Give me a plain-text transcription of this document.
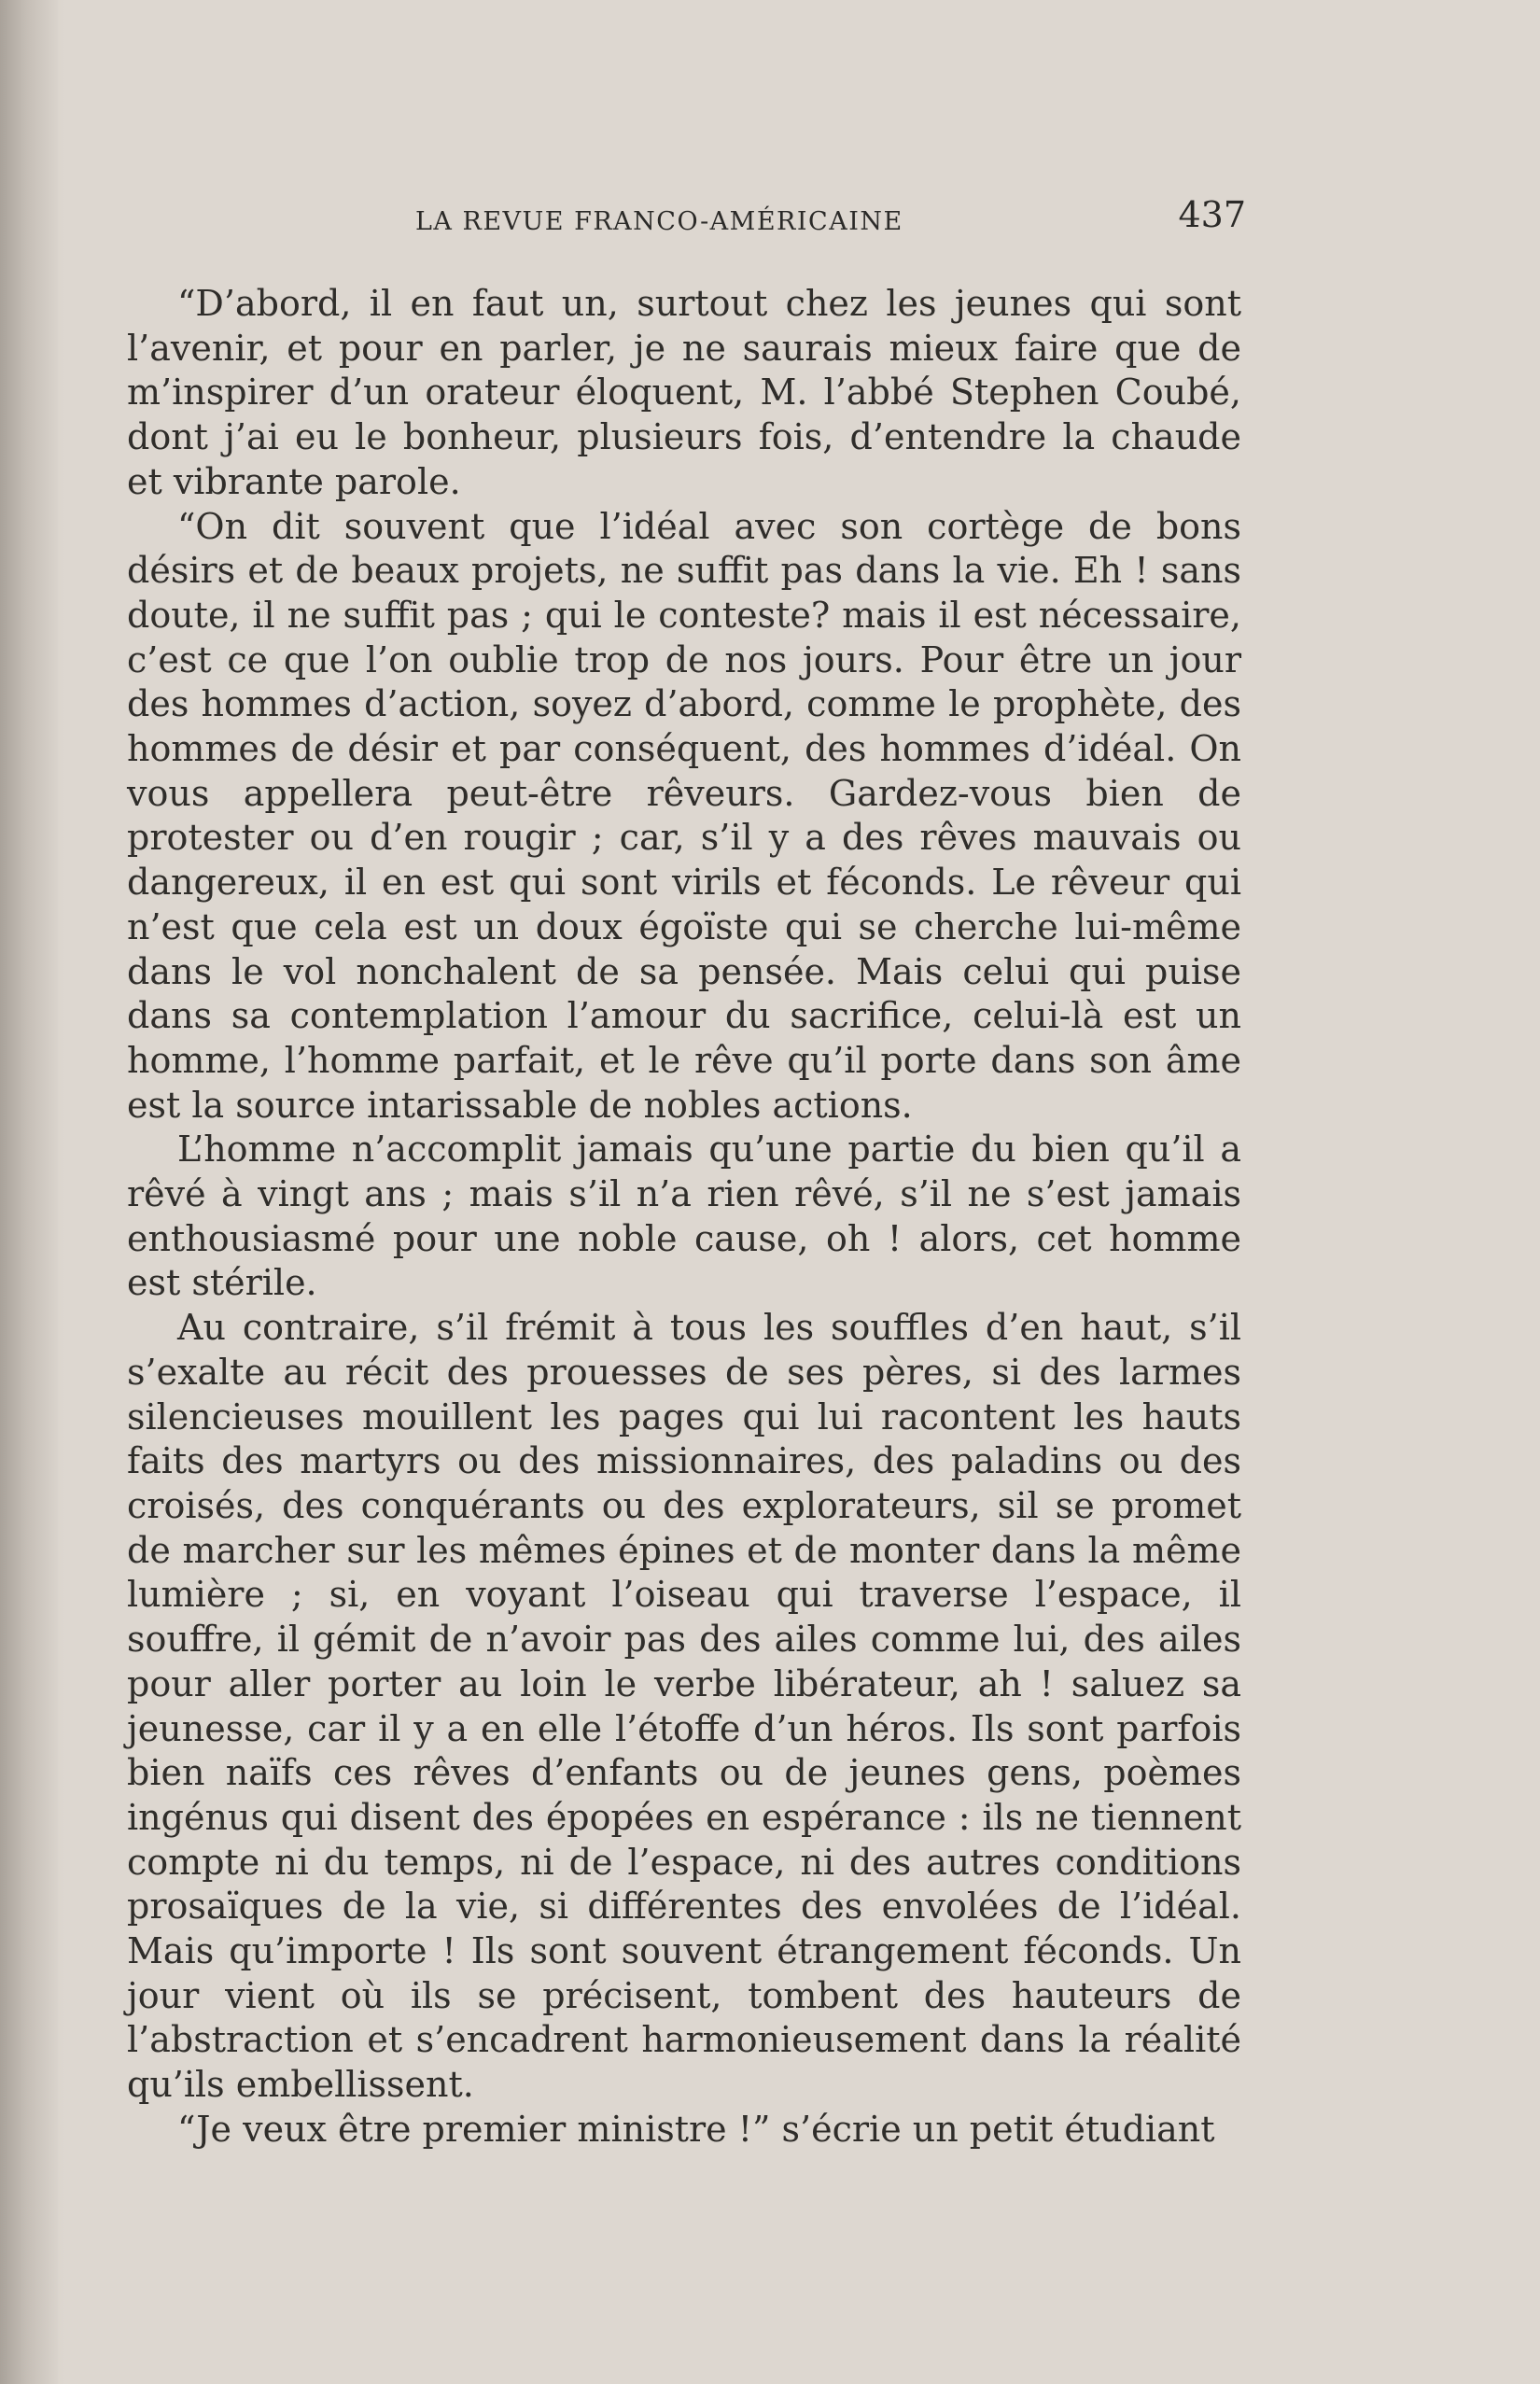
LA REVUE FRANCO-AMÉRICAINE	437

“D’abord, il en faut un, surtout chez les jeunes qui sont l’avenir, et pour en parler, je ne saurais mieux faire que de m’inspirer d’un orateur éloquent, M. l’abbé Stephen Coubé, dont j’ai eu le bonheur, plusieurs fois, d’entendre la chaude et vibrante parole.

“On dit souvent que l’idéal avec son cortège de bons désirs et de beaux projets, ne suffit pas dans la vie. Eh ! sans doute, il ne suffit pas ; qui le conteste? mais il est nécessaire, c’est ce que l’on oublie trop de nos jours. Pour être un jour des hommes d’action, soyez d’abord, comme le prophète, des hommes de désir et par conséquent, des hommes d’idéal. On vous appellera peut-être rêveurs. Gardez-vous bien de protester ou d’en rougir ; car, s’il y a des rêves mauvais ou dangereux, il en est qui sont virils et féconds. Le rêveur qui n’est que cela est un doux égoïste qui se cherche lui-même dans le vol nonchalent de sa pensée. Mais celui qui puise dans sa contemplation l’amour du sacrifice, celui-là est un homme, l’homme parfait, et le rêve qu’il porte dans son âme est la source intarissable de nobles actions.

L’homme n’accomplit jamais qu’une partie du bien qu’il a rêvé à vingt ans ; mais s’il n’a rien rêvé, s’il ne s’est jamais enthousiasmé pour une noble cause, oh ! alors, cet homme est stérile.

Au contraire, s’il frémit à tous les souffles d’en haut, s’il s’exalte au récit des prouesses de ses pères, si des larmes silencieuses mouillent les pages qui lui racontent les hauts faits des martyrs ou des missionnaires, des paladins ou des croisés, des conquérants ou des explorateurs, sil se promet de marcher sur les mêmes épines et de monter dans la même lumière ; si, en voyant l’oiseau qui traverse l’espace, il souffre, il gémit de n’avoir pas des ailes comme lui, des ailes pour aller porter au loin le verbe libérateur, ah ! saluez sa jeunesse, car il y a en elle l’étoffe d’un héros. Ils sont parfois bien naïfs ces rêves d’enfants ou de jeunes gens, poèmes ingénus qui disent des épopées en espérance : ils ne tiennent compte ni du temps, ni de l’espace, ni des autres conditions prosaïques de la vie, si différentes des envolées de l’idéal. Mais qu’importe ! Ils sont souvent étrangement féconds. Un jour vient où ils se précisent, tombent des hauteurs de l’abstraction et s’encadrent harmonieusement dans la réalité qu’ils embellissent.

“Je veux être premier ministre !” s’écrie un petit étudiant
